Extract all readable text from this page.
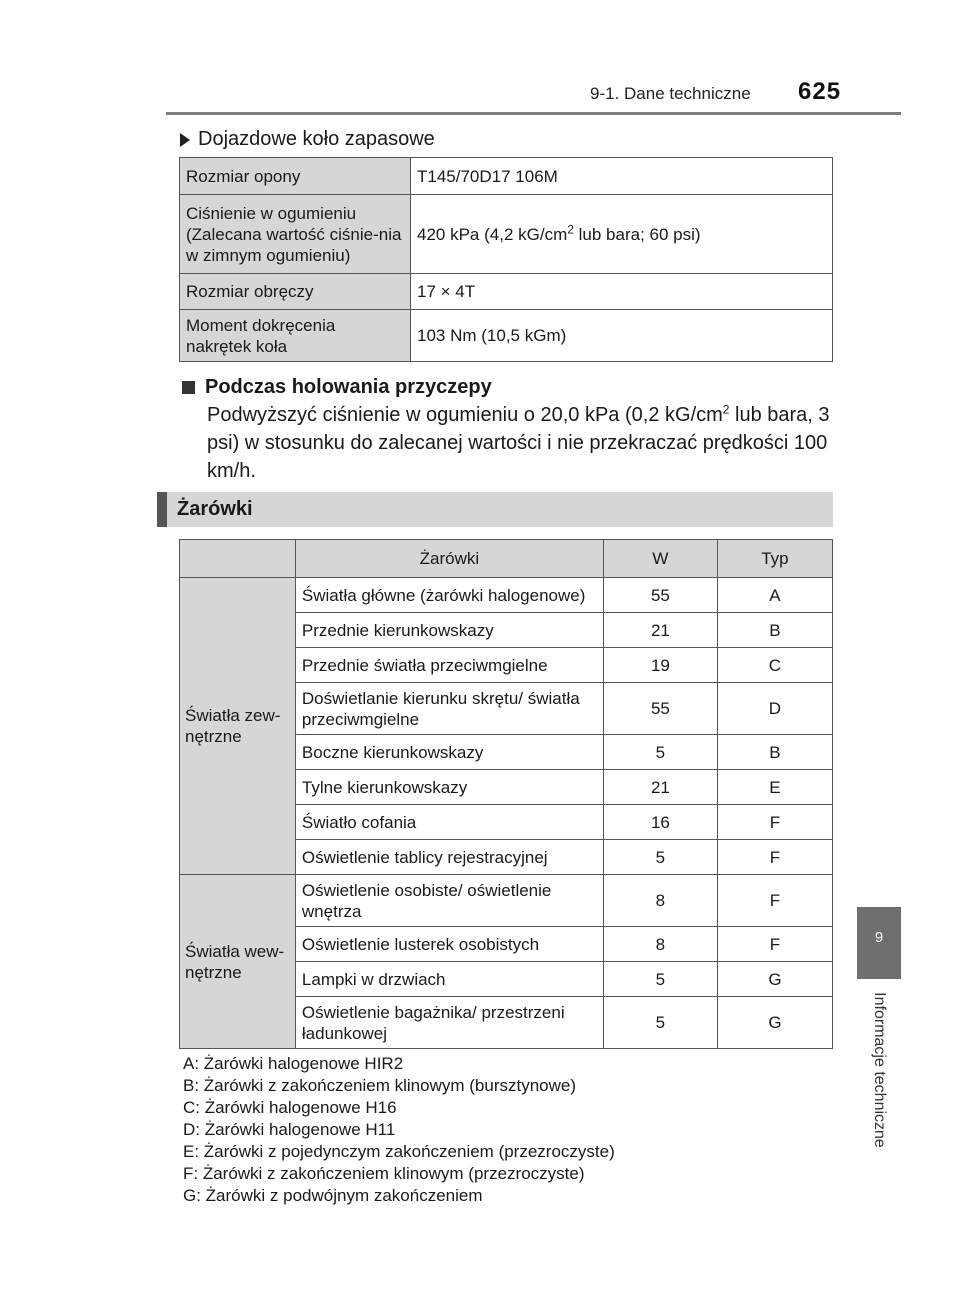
9-1. Dane techniczne 625
9
Informacje techniczne
Dojazdowe koło zapasowe
Rozmiar opony	T145/70D17 106M
Ciśnienie w ogumieniu (Zalecana wartość ciśnie-nia w zimnym ogumieniu)	420 kPa (4,2 $kG/cm^2$ lub bara; 60 psi)
Rozmiar obręczy	17 × 4T
Moment dokręcenia nakrętek koła	103 Nm (10,5 kGm)
Podczas holowania przyczepy
Podwyższyć ciśnienie w ogumieniu o 20,0 kPa (0,2 $kG/cm^2$ lub bara, 3 psi) w stosunku do zalecanej wartości i nie przekraczać prędkości 100 km/h.
Żarówki
	Żarówki	W	Typ
Światła zew-nętrzne	Światła główne (żarówki halogenowe)	55	A
	Przednie kierunkowskazy	21	B
	Przednie światła przeciwmgielne	19	C
	Doświetlanie kierunku skrętu/ światła przeciwmgielne	55	D
	Boczne kierunkowskazy	5	B
	Tylne kierunkowskazy	21	E
	Światło cofania	16	F
	Oświetlenie tablicy rejestracyjnej	5	F
Światła wew-nętrzne	Oświetlenie osobiste/ oświetlenie wnętrza	8	F
	Oświetlenie lusterek osobistych	8	F
	Lampki w drzwiach	5	G
	Oświetlenie bagażnika/ przestrzeni ładunkowej	5	G
A: Żarówki halogenowe HIR2
B: Żarówki z zakończeniem klinowym (bursztynowe)
C: Żarówki halogenowe H16
D: Żarówki halogenowe H11
E: Żarówki z pojedynczym zakończeniem (przezroczyste)
F: Żarówki z zakończeniem klinowym (przezroczyste)
G: Żarówki z podwójnym zakończeniem
